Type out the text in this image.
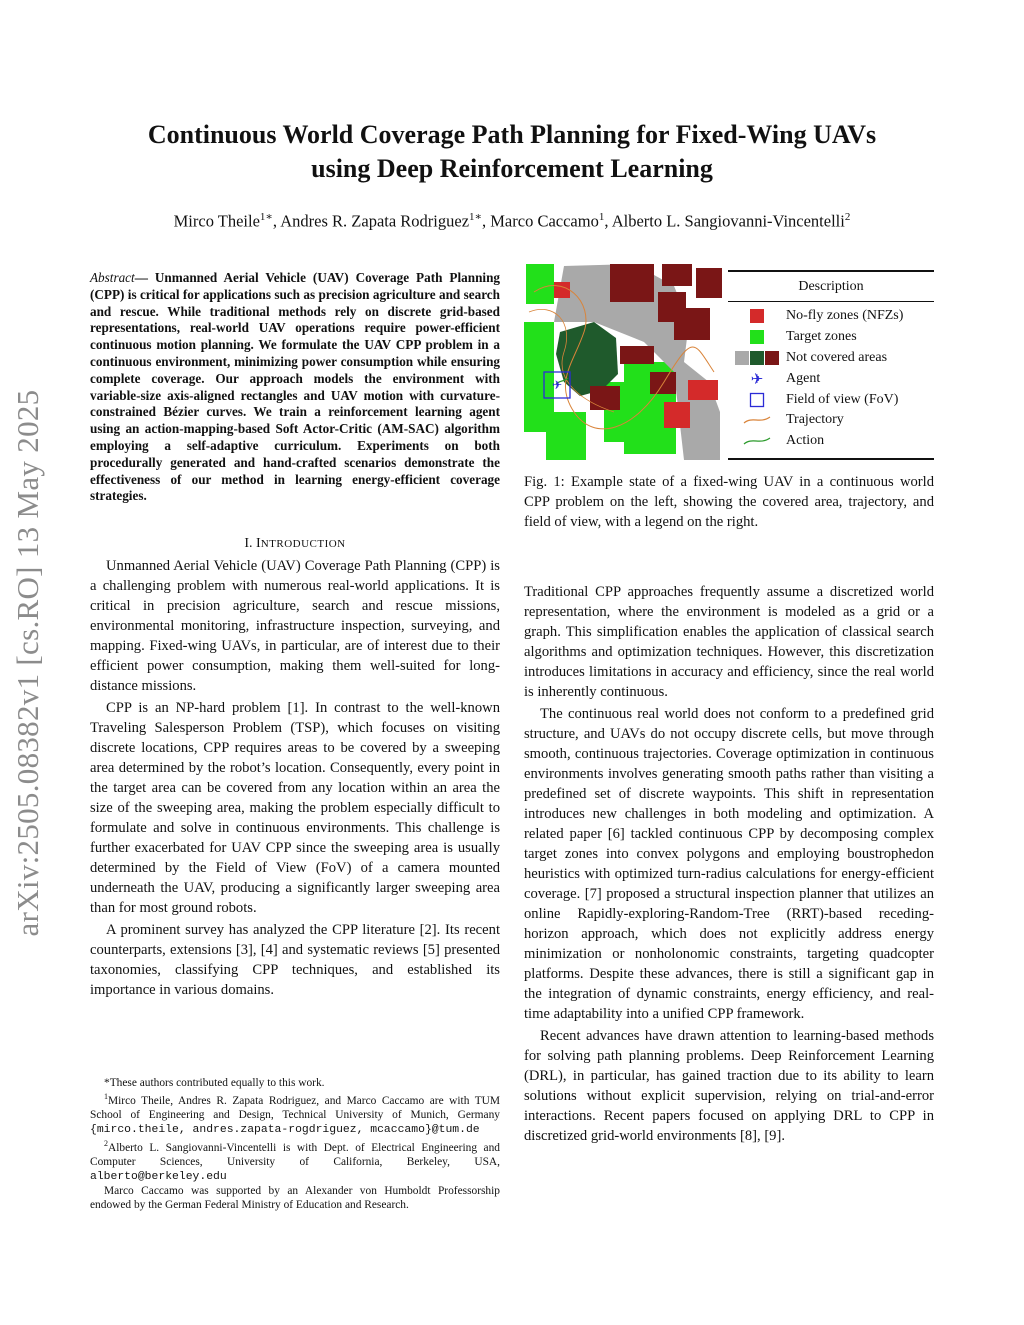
Continuous World Coverage Path Planning for Fixed-Wing UAVs
using Deep Reinforcement Learning
Mirco Theile$^{1∗}$, Andres R. Zapata Rodriguez$^{1∗}$, Marco Caccamo$^1$, Alberto L. Sangiovanni-Vincentelli$^2$
arXiv:2505.08382v1 [cs.RO] 13 May 2025
Abstract— Unmanned Aerial Vehicle (UAV) Coverage Path Planning (CPP) is critical for applications such as precision agriculture and search and rescue. While traditional methods rely on discrete grid-based representations, real-world UAV operations require power-efficient continuous motion planning. We formulate the UAV CPP problem in a continuous environment, minimizing power consumption while ensuring complete coverage. Our approach models the environment with variable-size axis-aligned rectangles and UAV motion with curvature-constrained Bézier curves. We train a reinforcement learning agent using an action-mapping-based Soft Actor-Critic (AM-SAC) algorithm employing a self-adaptive curriculum. Experiments on both procedurally generated and hand-crafted scenarios demonstrate the effectiveness of our method in learning energy-efficient coverage strategies.
I. INTRODUCTION

Unmanned Aerial Vehicle (UAV) Coverage Path Planning (CPP) is a challenging problem with numerous real-world applications. It is critical in precision agriculture, search and rescue missions, environmental monitoring, infrastructure inspection, surveying, and mapping. Fixed-wing UAVs, in particular, are of interest due to their efficient power consumption, making them well-suited for long-distance missions.

CPP is an NP-hard problem [1]. In contrast to the well-known Traveling Salesperson Problem (TSP), which focuses on visiting discrete locations, CPP requires areas to be covered by a sweeping area determined by the robot’s location. Consequently, every point in the target area can be covered from any location within an area the size of the sweeping area, making the problem especially difficult to formulate and solve in continuous environments. This challenge is further exacerbated for UAV CPP since the sweeping area is usually determined by the Field of View (FoV) of a camera mounted underneath the UAV, producing a significantly larger sweeping area than for most ground robots.

A prominent survey has analyzed the CPP literature [2]. Its recent counterparts, extensions [3], [4] and systematic reviews [5] presented taxonomies, classifying CPP techniques, and established its importance in various domains.

*These authors contributed equally to this work.

$^1$Mirco Theile, Andres R. Zapata Rodriguez, and Marco Caccamo are with TUM School of Engineering and Design, Technical University of Munich, Germany {mirco.theile, andres.zapata-rogdriguez, mcaccamo}@tum.de

$^2$Alberto L. Sangiovanni-Vincentelli is with Dept. of Electrical Engineering and Computer Sciences, University of California, Berkeley, USA, alberto@berkeley.edu

Marco Caccamo was supported by an Alexander von Humboldt Professorship endowed by the German Federal Ministry of Education and Research.

✈
Description
No-fly zones (NFZs)
Target zones
Not covered areas
✈ Agent
Field of view (FoV)
Trajectory
Action
Fig. 1: Example state of a fixed-wing UAV in a continuous world CPP problem on the left, showing the covered area, trajectory, and field of view, with a legend on the right.

Traditional CPP approaches frequently assume a discretized world representation, where the environment is modeled as a grid or a graph. This simplification enables the application of classical search algorithms and optimization techniques. However, this discretization introduces limitations in accuracy and efficiency, since the real world is inherently continuous.

The continuous real world does not conform to a predefined grid structure, and UAVs do not occupy discrete cells, but move through smooth, continuous trajectories. Coverage optimization in continuous environments involves generating smooth paths rather than visiting a predefined set of discrete waypoints. This shift in representation introduces new challenges in both modeling and optimization. A related paper [6] tackled continuous CPP by decomposing complex target zones into convex polygons and employing boustrophedon heuristics with optimized turn-radius calculations for energy-efficient coverage. [7] proposed a structural inspection planner that utilizes an online Rapidly-exploring-Random-Tree (RRT)-based receding-horizon approach, which does not explicitly address energy minimization or nonholonomic constraints, targeting quadcopter platforms. Despite these advances, there is still a significant gap in the integration of dynamic constraints, energy efficiency, and real-time adaptability into a unified CPP framework.

Recent advances have drawn attention to learning-based methods for solving path planning problems. Deep Reinforcement Learning (DRL), in particular, has gained traction due to its ability to learn solutions without explicit supervision, relying on trial-and-error interactions. Recent papers focused on applying DRL to CPP in discretized grid-world environments [8], [9].
